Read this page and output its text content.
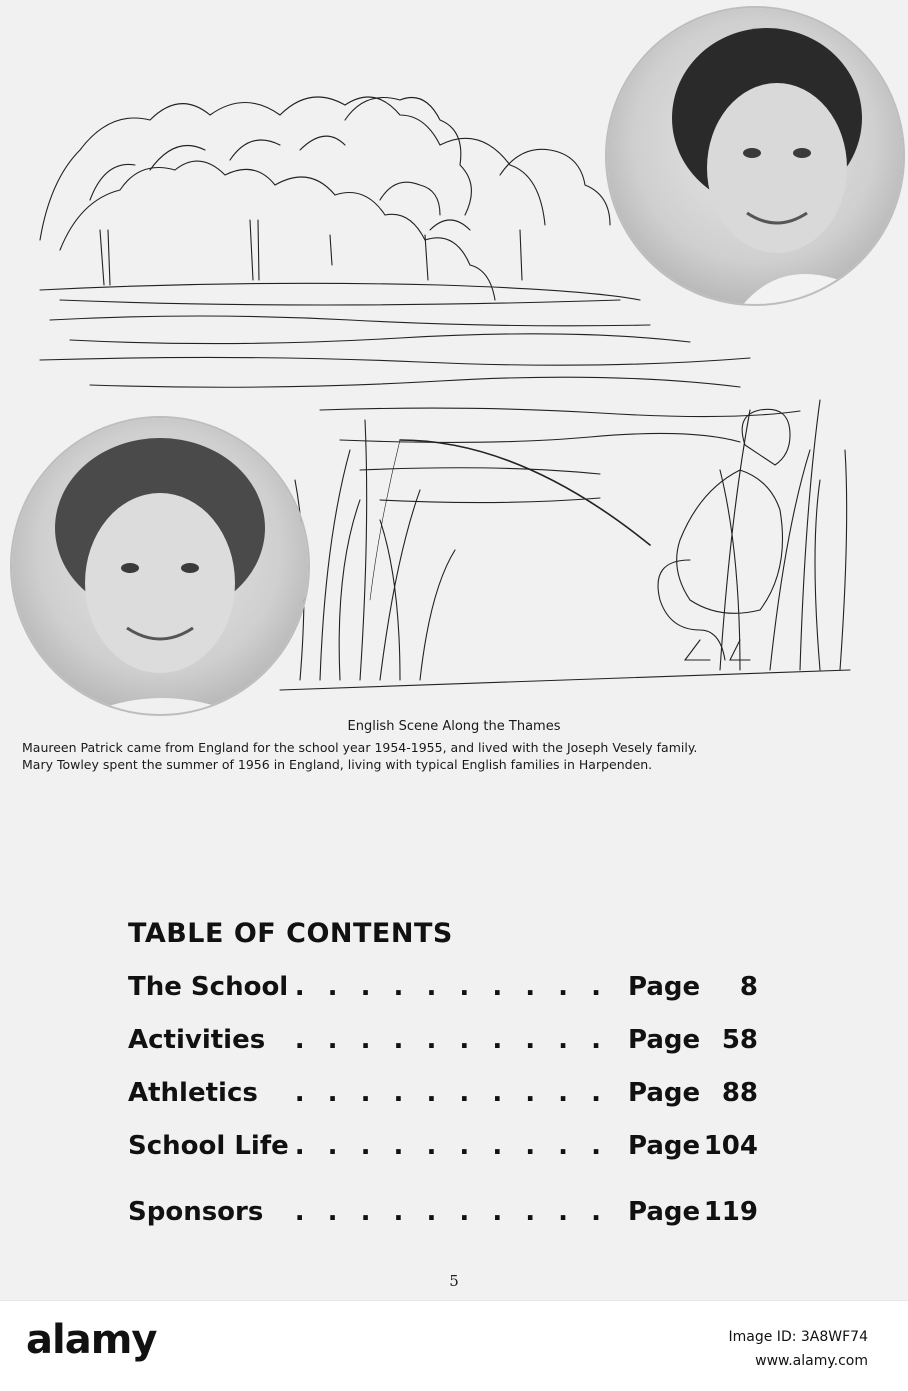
English Scene Along the Thames
Maureen Patrick came from England for the school year 1954-1955, and lived with the Joseph Vesely family.
Mary Towley spent the summer of 1956 in England, living with typical English families in Harpenden.
TABLE OF CONTENTS
The School . . . . . . . . . . Page 8
Activities	. . . . . . . . . . Page 58
Athletics	. . . . . . . . . . Page 88
School Life . . . . . . . . . . Page 104
Sponsors	. . . . . . . . . . Page 119
5
alamy	Image ID: 3A8WF74
www.alamy.com
